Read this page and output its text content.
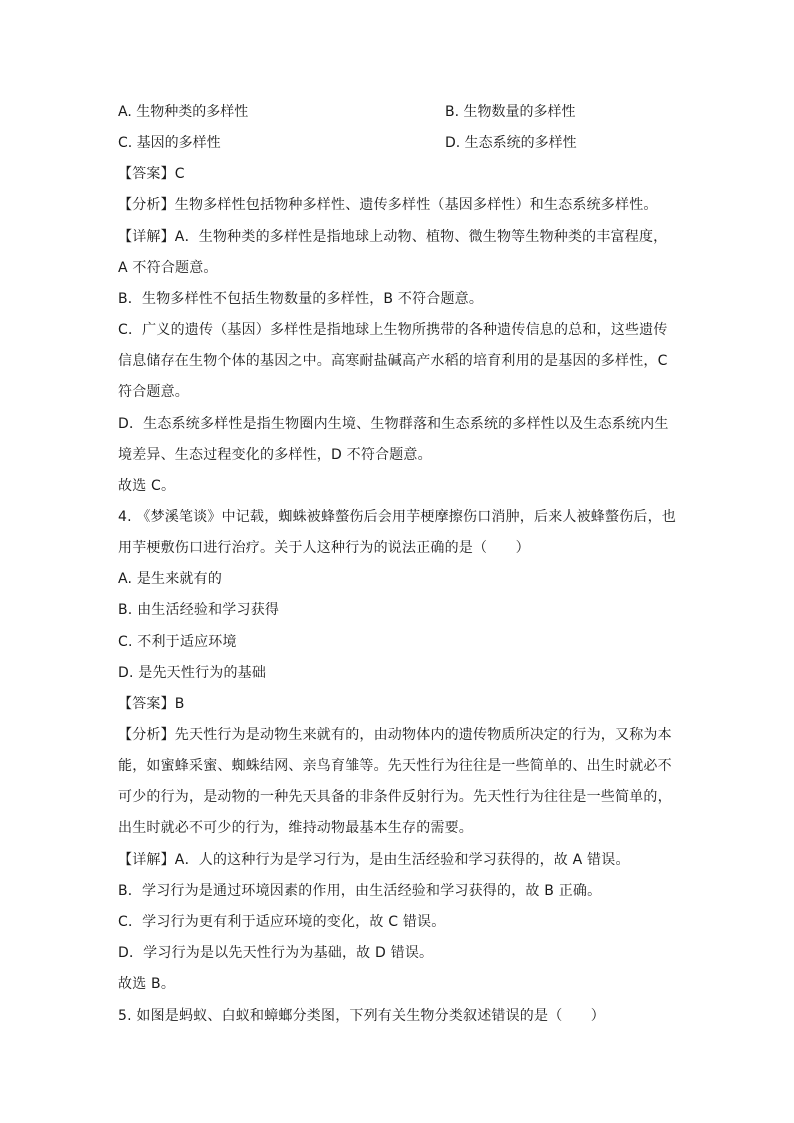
A. 生物种类的多样性	B. 生物数量的多样性
C. 基因的多样性	D. 生态系统的多样性
【答案】C
【分析】生物多样性包括物种多样性、遗传多样性（基因多样性）和生态系统多样性。
【详解】A．生物种类的多样性是指地球上动物、植物、微生物等生物种类的丰富程度，
A 不符合题意。
B．生物多样性不包括生物数量的多样性，B 不符合题意。
C．广义的遗传（基因）多样性是指地球上生物所携带的各种遗传信息的总和，这些遗传
信息储存在生物个体的基因之中。高寒耐盐碱高产水稻的培育利用的是基因的多样性，C
符合题意。
D．生态系统多样性是指生物圈内生境、生物群落和生态系统的多样性以及生态系统内生
境差异、生态过程变化的多样性，D 不符合题意。
故选 C。
4. 《梦溪笔谈》中记载，蜘蛛被蜂螫伤后会用芋梗摩擦伤口消肿，后来人被蜂螫伤后，也
用芋梗敷伤口进行治疗。关于人这种行为的说法正确的是（　　）
A. 是生来就有的
B. 由生活经验和学习获得
C. 不利于适应环境
D. 是先天性行为的基础
【答案】B
【分析】先天性行为是动物生来就有的，由动物体内的遗传物质所决定的行为，又称为本
能，如蜜蜂采蜜、蜘蛛结网、亲鸟育雏等。先天性行为往往是一些简单的、出生时就必不
可少的行为，是动物的一种先天具备的非条件反射行为。先天性行为往往是一些简单的，
出生时就必不可少的行为，维持动物最基本生存的需要。
【详解】A．人的这种行为是学习行为，是由生活经验和学习获得的，故 A 错误。
B．学习行为是通过环境因素的作用，由生活经验和学习获得的，故 B 正确。
C．学习行为更有利于适应环境的变化，故 C 错误。
D．学习行为是以先天性行为为基础，故 D 错误。
故选 B。
5. 如图是蚂蚁、白蚁和蟑螂分类图，下列有关生物分类叙述错误的是（　　）
